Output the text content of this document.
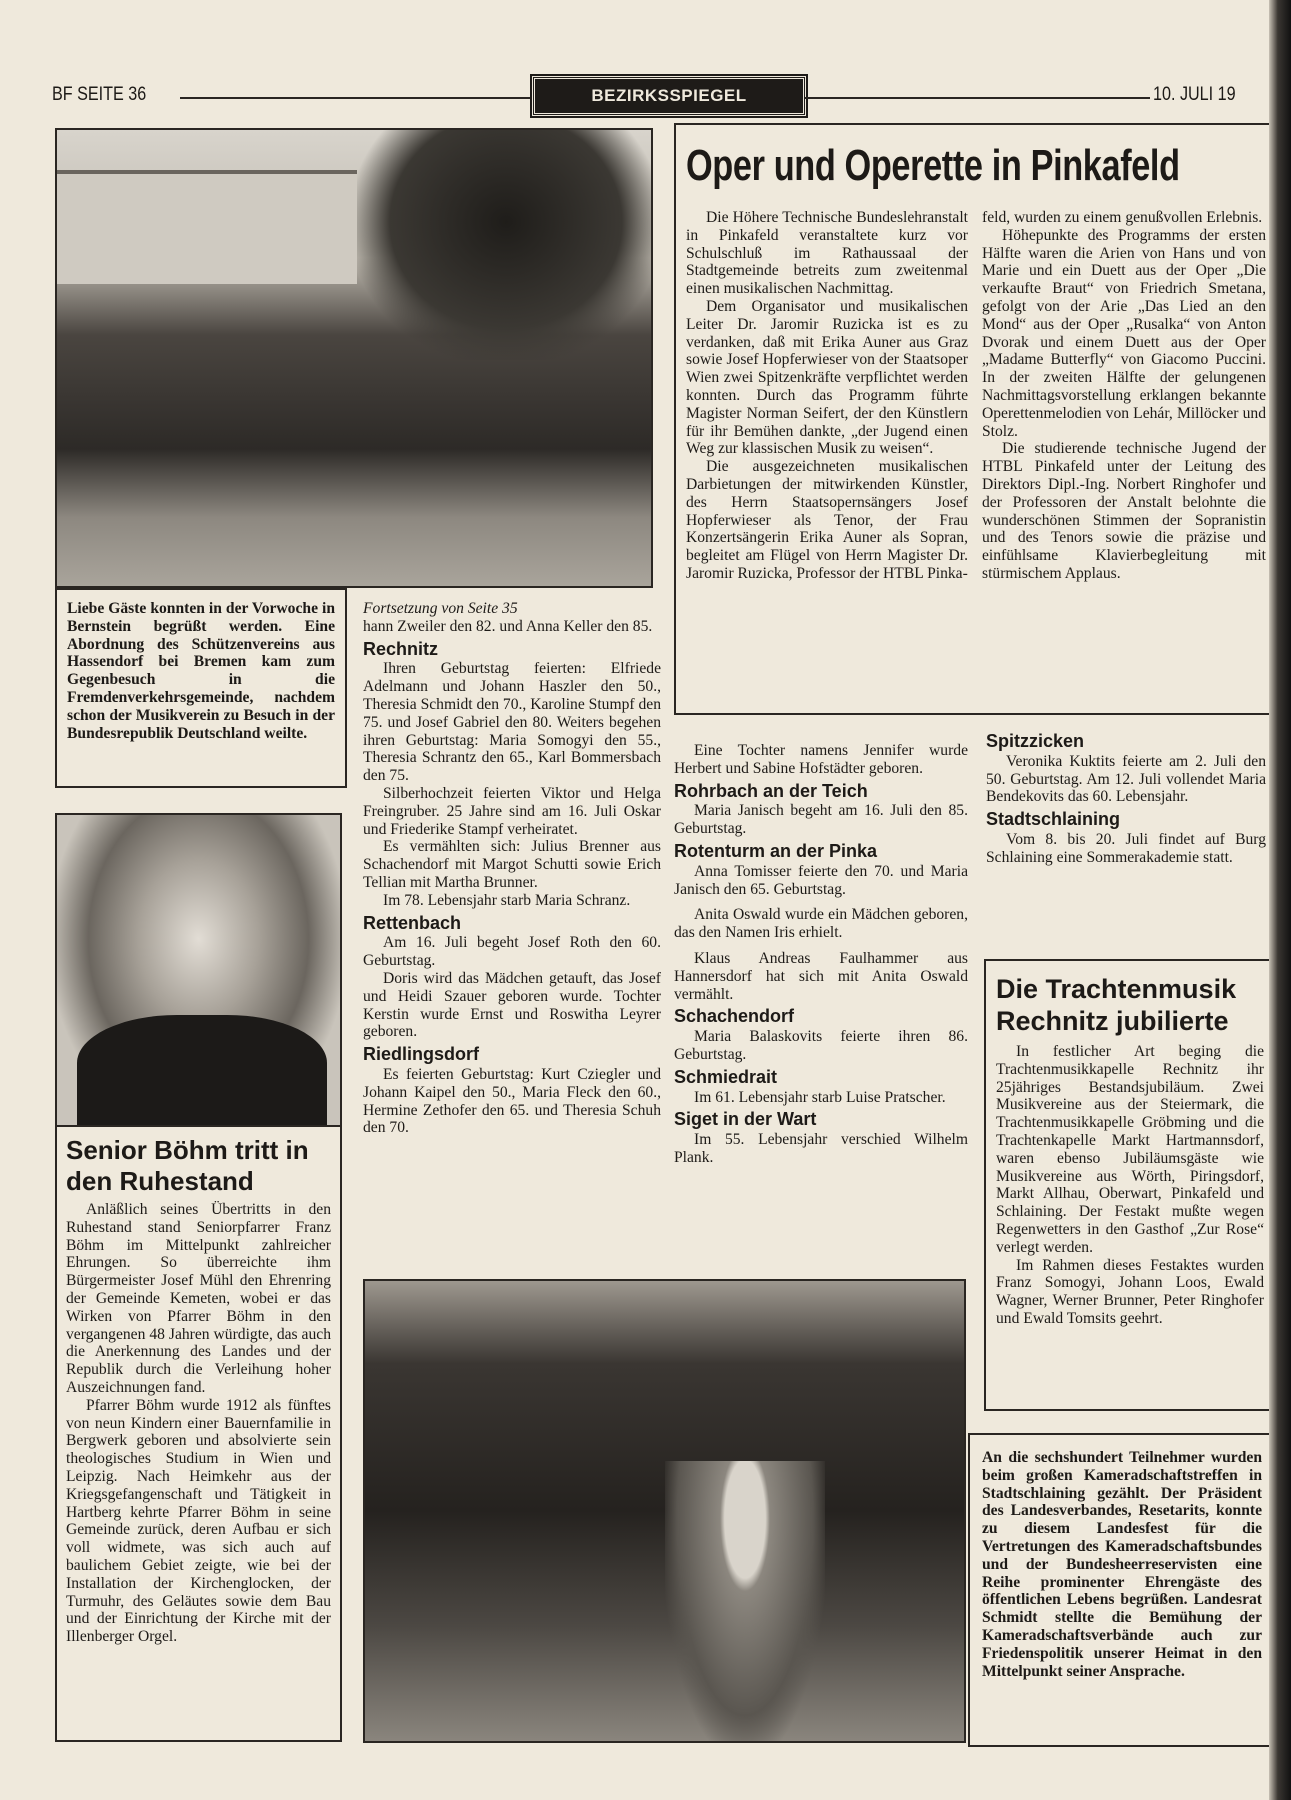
BF SEITE 36	BEZIRKSSPIEGEL	10. JULI 19

Liebe Gäste konnten in der Vorwoche in Bernstein begrüßt werden. Eine Abordnung des Schützenvereins aus Hassendorf bei Bremen kam zum Gegenbesuch in die Fremdenverkehrsgemeinde, nachdem schon der Musikverein zu Besuch in der Bundesrepublik Deutschland weilte.

Senior Böhm tritt in den Ruhestand

Anläßlich seines Übertritts in den Ruhestand stand Seniorpfarrer Franz Böhm im Mittelpunkt zahlreicher Ehrungen. So überreichte ihm Bürgermeister Josef Mühl den Ehrenring der Gemeinde Kemeten, wobei er das Wirken von Pfarrer Böhm in den vergangenen 48 Jahren würdigte, das auch die Anerkennung des Landes und der Republik durch die Verleihung hoher Auszeichnungen fand.

Pfarrer Böhm wurde 1912 als fünftes von neun Kindern einer Bauernfamilie in Bergwerk geboren und absolvierte sein theologisches Studium in Wien und Leipzig. Nach Heimkehr aus der Kriegsgefangenschaft und Tätigkeit in Hartberg kehrte Pfarrer Böhm in seine Gemeinde zurück, deren Aufbau er sich voll widmete, was sich auch auf baulichem Gebiet zeigte, wie bei der Installation der Kirchenglocken, der Turmuhr, des Geläutes sowie dem Bau und der Einrichtung der Kirche mit der Illenberger Orgel.

Fortsetzung von Seite 35

hann Zweiler den 82. und Anna Keller den 85.

Rechnitz

Ihren Geburtstag feierten: Elfriede Adelmann und Johann Haszler den 50., Theresia Schmidt den 70., Karoline Stumpf den 75. und Josef Gabriel den 80. Weiters begehen ihren Geburtstag: Maria Somogyi den 55., Theresia Schrantz den 65., Karl Bommersbach den 75.

Silberhochzeit feierten Viktor und Helga Freingruber. 25 Jahre sind am 16. Juli Oskar und Friederike Stampf verheiratet.

Es vermählten sich: Julius Brenner aus Schachendorf mit Margot Schutti sowie Erich Tellian mit Martha Brunner.

Im 78. Lebensjahr starb Maria Schranz.

Rettenbach

Am 16. Juli begeht Josef Roth den 60. Geburtstag.

Doris wird das Mädchen getauft, das Josef und Heidi Szauer geboren wurde. Tochter Kerstin wurde Ernst und Roswitha Leyrer geboren.

Riedlingsdorf

Es feierten Geburtstag: Kurt Cziegler und Johann Kaipel den 50., Maria Fleck den 60., Hermine Zethofer den 65. und Theresia Schuh den 70.

Oper und Operette in Pinkafeld

Die Höhere Technische Bundeslehranstalt in Pinkafeld veranstaltete kurz vor Schulschluß im Rathaussaal der Stadtgemeinde betreits zum zweitenmal einen musikalischen Nachmittag.

Dem Organisator und musikalischen Leiter Dr. Jaromir Ruzicka ist es zu verdanken, daß mit Erika Auner aus Graz sowie Josef Hopferwieser von der Staatsoper Wien zwei Spitzenkräfte verpflichtet werden konnten. Durch das Programm führte Magister Norman Seifert, der den Künstlern für ihr Bemühen dankte, „der Jugend einen Weg zur klassischen Musik zu weisen“.

Die ausgezeichneten musikalischen Darbietungen der mitwirkenden Künstler, des Herrn Staatsopernsängers Josef Hopferwieser als Tenor, der Frau Konzertsängerin Erika Auner als Sopran, begleitet am Flügel von Herrn Magister Dr. Jaromir Ruzicka, Professor der HTBL Pinka-

feld, wurden zu einem genußvollen Erlebnis.

Höhepunkte des Programms der ersten Hälfte waren die Arien von Hans und von Marie und ein Duett aus der Oper „Die verkaufte Braut“ von Friedrich Smetana, gefolgt von der Arie „Das Lied an den Mond“ aus der Oper „Rusalka“ von Anton Dvorak und einem Duett aus der Oper „Madame Butterfly“ von Giacomo Puccini. In der zweiten Hälfte der gelungenen Nachmittagsvorstellung erklangen bekannte Operettenmelodien von Lehár, Millöcker und Stolz.

Die studierende technische Jugend der HTBL Pinkafeld unter der Leitung des Direktors Dipl.-Ing. Norbert Ringhofer und der Professoren der Anstalt belohnte die wunderschönen Stimmen der Sopranistin und des Tenors sowie die präzise und einfühlsame Klavierbegleitung mit stürmischem Applaus.

Eine Tochter namens Jennifer wurde Herbert und Sabine Hofstädter geboren.

Rohrbach an der Teich

Maria Janisch begeht am 16. Juli den 85. Geburtstag.

Rotenturm an der Pinka

Anna Tomisser feierte den 70. und Maria Janisch den 65. Geburtstag.

Anita Oswald wurde ein Mädchen geboren, das den Namen Iris erhielt.

Klaus Andreas Faulhammer aus Hannersdorf hat sich mit Anita Oswald vermählt.

Schachendorf

Maria Balaskovits feierte ihren 86. Geburtstag.

Schmiedrait

Im 61. Lebensjahr starb Luise Pratscher.

Siget in der Wart

Im 55. Lebensjahr verschied Wilhelm Plank.

Spitzzicken

Veronika Kuktits feierte am 2. Juli den 50. Geburtstag. Am 12. Juli vollendet Maria Bendekovits das 60. Lebensjahr.

Stadtschlaining

Vom 8. bis 20. Juli findet auf Burg Schlaining eine Sommerakademie statt.

Die Trachtenmusik Rechnitz jubilierte

In festlicher Art beging die Trachtenmusikkapelle Rechnitz ihr 25jähriges Bestandsjubiläum. Zwei Musikvereine aus der Steiermark, die Trachtenmusikkapelle Gröbming und die Trachtenkapelle Markt Hartmannsdorf, waren ebenso Jubiläumsgäste wie Musikvereine aus Wörth, Piringsdorf, Markt Allhau, Oberwart, Pinkafeld und Schlaining. Der Festakt mußte wegen Regenwetters in den Gasthof „Zur Rose“ verlegt werden.

Im Rahmen dieses Festaktes wurden Franz Somogyi, Johann Loos, Ewald Wagner, Werner Brunner, Peter Ringhofer und Ewald Tomsits geehrt.

An die sechshundert Teilnehmer wurden beim großen Kameradschaftstreffen in Stadtschlaining gezählt. Der Präsident des Landesverbandes, Resetarits, konnte zu diesem Landesfest für die Vertretungen des Kameradschaftsbundes und der Bundesheerreservisten eine Reihe prominenter Ehrengäste des öffentlichen Lebens begrüßen. Landesrat Schmidt stellte die Bemühung der Kameradschaftsverbände auch zur Friedenspolitik unserer Heimat in den Mittelpunkt seiner Ansprache.
